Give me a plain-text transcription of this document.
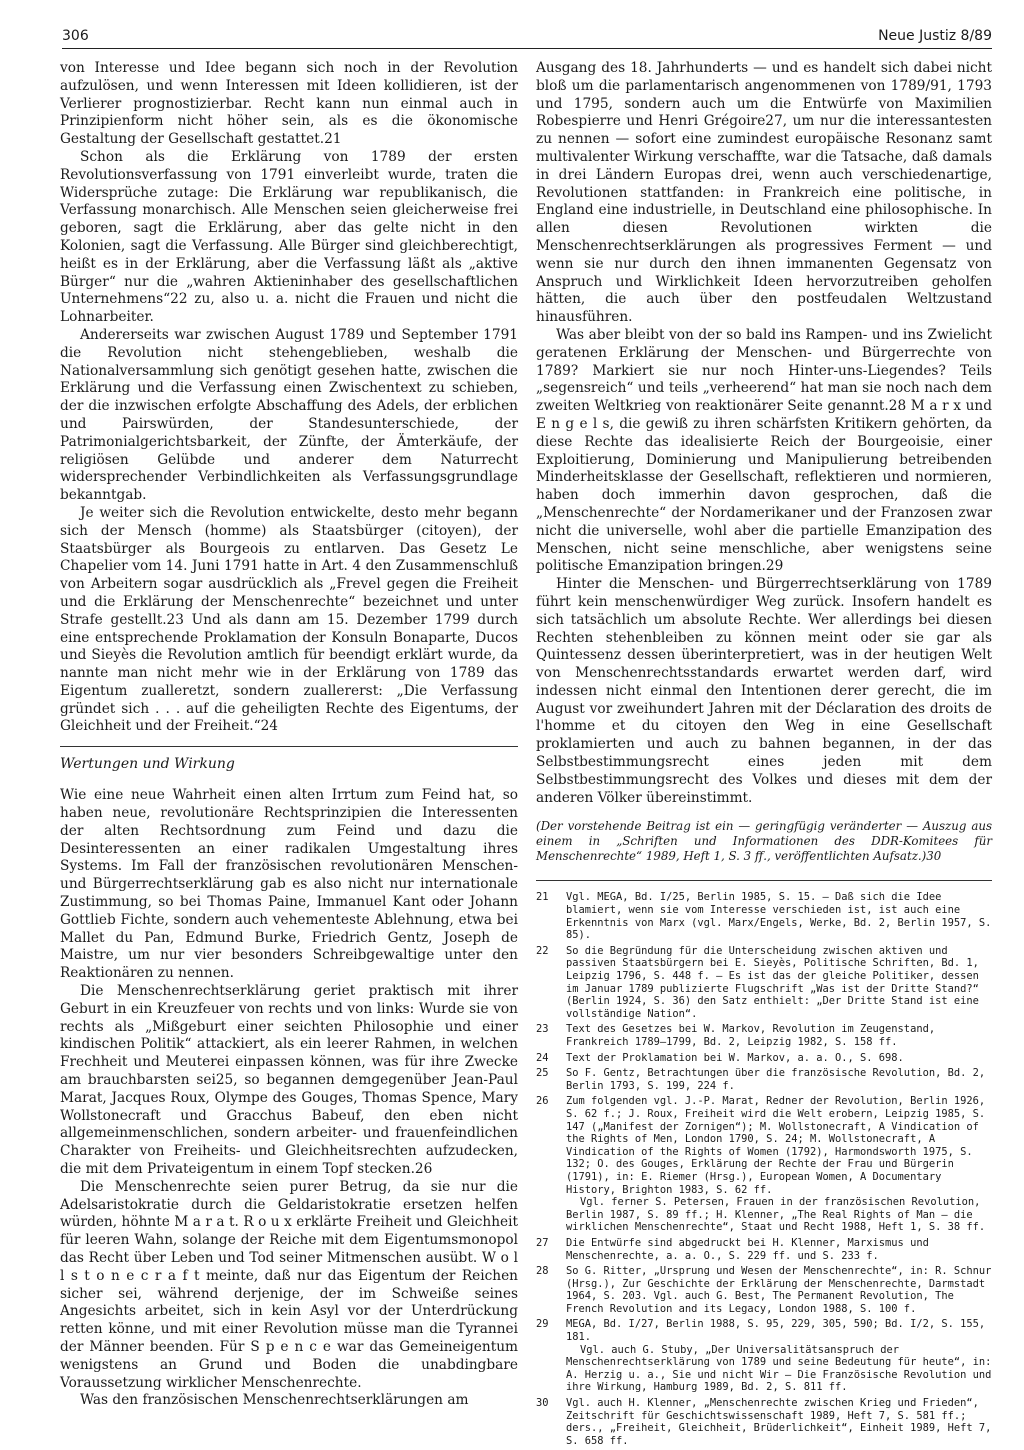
306	Neue Justiz 8/89

von Interesse und Idee begann sich noch in der Revolution aufzulösen, und wenn Interessen mit Ideen kollidieren, ist der Verlierer prognostizierbar. Recht kann nun einmal auch in Prinzipienform nicht höher sein, als es die ökonomische Gestaltung der Gesellschaft gestattet.21

Schon als die Erklärung von 1789 der ersten Revolutionsverfassung von 1791 einverleibt wurde, traten die Widersprüche zutage: Die Erklärung war republikanisch, die Verfassung monarchisch. Alle Menschen seien gleicherweise frei geboren, sagt die Erklärung, aber das gelte nicht in den Kolonien, sagt die Verfassung. Alle Bürger sind gleichberechtigt, heißt es in der Erklärung, aber die Verfassung läßt als „aktive Bürger“ nur die „wahren Aktieninhaber des gesellschaftlichen Unternehmens“22 zu, also u. a. nicht die Frauen und nicht die Lohnarbeiter.

Andererseits war zwischen August 1789 und September 1791 die Revolution nicht stehengeblieben, weshalb die Nationalversammlung sich genötigt gesehen hatte, zwischen die Erklärung und die Verfassung einen Zwischentext zu schieben, der die inzwischen erfolgte Abschaffung des Adels, der erblichen und Pairswürden, der Standesunterschiede, der Patrimonialgerichtsbarkeit, der Zünfte, der Ämterkäufe, der religiösen Gelübde und anderer dem Naturrecht widersprechender Verbindlichkeiten als Verfassungsgrundlage bekanntgab.

Je weiter sich die Revolution entwickelte, desto mehr begann sich der Mensch (homme) als Staatsbürger (citoyen), der Staatsbürger als Bourgeois zu entlarven. Das Gesetz Le Chapelier vom 14. Juni 1791 hatte in Art. 4 den Zusammenschluß von Arbeitern sogar ausdrücklich als „Frevel gegen die Freiheit und die Erklärung der Menschenrechte“ bezeichnet und unter Strafe gestellt.23 Und als dann am 15. Dezember 1799 durch eine entsprechende Proklamation der Konsuln Bonaparte, Ducos und Sieyès die Revolution amtlich für beendigt erklärt wurde, da nannte man nicht mehr wie in der Erklärung von 1789 das Eigentum zualleretzt, sondern zuallererst: „Die Verfassung gründet sich . . . auf die geheiligten Rechte des Eigentums, der Gleichheit und der Freiheit.“24

Wertungen und Wirkung

Wie eine neue Wahrheit einen alten Irrtum zum Feind hat, so haben neue, revolutionäre Rechtsprinzipien die Interessenten der alten Rechtsordnung zum Feind und dazu die Desinteressenten an einer radikalen Umgestaltung ihres Systems. Im Fall der französischen revolutionären Menschen- und Bürgerrechtserklärung gab es also nicht nur internationale Zustimmung, so bei Thomas Paine, Immanuel Kant oder Johann Gottlieb Fichte, sondern auch vehementeste Ablehnung, etwa bei Mallet du Pan, Edmund Burke, Friedrich Gentz, Joseph de Maistre, um nur vier besonders Schreibgewaltige unter den Reaktionären zu nennen.

Die Menschenrechtserklärung geriet praktisch mit ihrer Geburt in ein Kreuzfeuer von rechts und von links: Wurde sie von rechts als „Mißgeburt einer seichten Philosophie und einer kindischen Politik“ attackiert, als ein leerer Rahmen, in welchen Frechheit und Meuterei einpassen können, was für ihre Zwecke am brauchbarsten sei25, so begannen demgegenüber Jean-Paul Marat, Jacques Roux, Olympe des Gouges, Thomas Spence, Mary Wollstonecraft und Gracchus Babeuf, den eben nicht allgemeinmenschlichen, sondern arbeiter- und frauenfeindlichen Charakter von Freiheits- und Gleichheitsrechten aufzudecken, die mit dem Privateigentum in einem Topf stecken.26

Die Menschenrechte seien purer Betrug, da sie nur die Adelsaristokratie durch die Geldaristokratie ersetzen helfen würden, höhnte M a r a t. R o u x erklärte Freiheit und Gleichheit für leeren Wahn, solange der Reiche mit dem Eigentumsmonopol das Recht über Leben und Tod seiner Mitmenschen ausübt. W o l l s t o n e c r a f t meinte, daß nur das Eigentum der Reichen sicher sei, während derjenige, der im Schweiße seines Angesichts arbeitet, sich in kein Asyl vor der Unterdrückung retten könne, und mit einer Revolution müsse man die Tyrannei der Männer beenden. Für S p e n c e war das Gemeineigentum wenigstens an Grund und Boden die unabdingbare Voraussetzung wirklicher Menschenrechte.

Was den französischen Menschenrechtserklärungen am

Ausgang des 18. Jahrhunderts — und es handelt sich dabei nicht bloß um die parlamentarisch angenommenen von 1789/91, 1793 und 1795, sondern auch um die Entwürfe von Maximilien Robespierre und Henri Grégoire27, um nur die interessantesten zu nennen — sofort eine zumindest europäische Resonanz samt multivalenter Wirkung verschaffte, war die Tatsache, daß damals in drei Ländern Europas drei, wenn auch verschiedenartige, Revolutionen stattfanden: in Frankreich eine politische, in England eine industrielle, in Deutschland eine philosophische. In allen diesen Revolutionen wirkten die Menschenrechtserklärungen als progressives Ferment — und wenn sie nur durch den ihnen immanenten Gegensatz von Anspruch und Wirklichkeit Ideen hervorzutreiben geholfen hätten, die auch über den postfeudalen Weltzustand hinausführen.

Was aber bleibt von der so bald ins Rampen- und ins Zwielicht geratenen Erklärung der Menschen- und Bürgerrechte von 1789? Markiert sie nur noch Hinter-uns-Liegendes? Teils „segensreich“ und teils „verheerend“ hat man sie noch nach dem zweiten Weltkrieg von reaktionärer Seite genannt.28 M a r x und E n g e l s, die gewiß zu ihren schärfsten Kritikern gehörten, da diese Rechte das idealisierte Reich der Bourgeoisie, einer Exploitierung, Dominierung und Manipulierung betreibenden Minderheitsklasse der Gesellschaft, reflektieren und normieren, haben doch immerhin davon gesprochen, daß die „Menschenrechte“ der Nordamerikaner und der Franzosen zwar nicht die universelle, wohl aber die partielle Emanzipation des Menschen, nicht seine menschliche, aber wenigstens seine politische Emanzipation bringen.29

Hinter die Menschen- und Bürgerrechtserklärung von 1789 führt kein menschenwürdiger Weg zurück. Insofern handelt es sich tatsächlich um absolute Rechte. Wer allerdings bei diesen Rechten stehenbleiben zu können meint oder sie gar als Quintessenz dessen überinterpretiert, was in der heutigen Welt von Menschenrechtsstandards erwartet werden darf, wird indessen nicht einmal den Intentionen derer gerecht, die im August vor zweihundert Jahren mit der Déclaration des droits de l'homme et du citoyen den Weg in eine Gesellschaft proklamierten und auch zu bahnen begannen, in der das Selbstbestimmungsrecht eines jeden mit dem Selbstbestimmungsrecht des Volkes und dieses mit dem der anderen Völker übereinstimmt.

(Der vorstehende Beitrag ist ein — geringfügig veränderter — Auszug aus einem in „Schriften und Informationen des DDR-Komitees für Menschenrechte“ 1989, Heft 1, S. 3 ff., veröffentlichten Aufsatz.)30

21	Vgl. MEGA, Bd. I/25, Berlin 1985, S. 15. — Daß sich die Idee blamiert, wenn sie vom Interesse verschieden ist, ist auch eine Erkenntnis von Marx (vgl. Marx/Engels, Werke, Bd. 2, Berlin 1957, S. 85).
22	So die Begründung für die Unterscheidung zwischen aktiven und passiven Staatsbürgern bei E. Sieyès, Politische Schriften, Bd. 1, Leipzig 1796, S. 448 f. — Es ist das der gleiche Politiker, dessen im Januar 1789 publizierte Flugschrift „Was ist der Dritte Stand?“ (Berlin 1924, S. 36) den Satz enthielt: „Der Dritte Stand ist eine vollständige Nation“.
23	Text des Gesetzes bei W. Markov, Revolution im Zeugenstand, Frankreich 1789—1799, Bd. 2, Leipzig 1982, S. 158 ff.
24	Text der Proklamation bei W. Markov, a. a. O., S. 698.
25	So F. Gentz, Betrachtungen über die französische Revolution, Bd. 2, Berlin 1793, S. 199, 224 f.
26	Zum folgenden vgl. J.-P. Marat, Redner der Revolution, Berlin 1926, S. 62 f.; J. Roux, Freiheit wird die Welt erobern, Leipzig 1985, S. 147 („Manifest der Zornigen“); M. Wollstonecraft, A Vindication of the Rights of Men, London 1790, S. 24; M. Wollstonecraft, A Vindication of the Rights of Women (1792), Harmondsworth 1975, S. 132; O. des Gouges, Erklärung der Rechte der Frau und Bürgerin (1791), in: E. Riemer (Hrsg.), European Women, A Documentary History, Brighton 1983, S. 62 ff.
Vgl. ferner S. Petersen, Frauen in der französischen Revolution, Berlin 1987, S. 89 ff.; H. Klenner, „The Real Rights of Man — die wirklichen Menschenrechte“, Staat und Recht 1988, Heft 1, S. 38 ff.
27	Die Entwürfe sind abgedruckt bei H. Klenner, Marxismus und Menschenrechte, a. a. O., S. 229 ff. und S. 233 f.
28	So G. Ritter, „Ursprung und Wesen der Menschenrechte“, in: R. Schnur (Hrsg.), Zur Geschichte der Erklärung der Menschenrechte, Darmstadt 1964, S. 203. Vgl. auch G. Best, The Permanent Revolution, The French Revolution and its Legacy, London 1988, S. 100 f.
29	MEGA, Bd. I/27, Berlin 1988, S. 95, 229, 305, 590; Bd. I/2, S. 155, 181.
Vgl. auch G. Stuby, „Der Universalitätsanspruch der Menschenrechtserklärung von 1789 und seine Bedeutung für heute“, in: A. Herzig u. a., Sie und nicht Wir — Die Französische Revolution und ihre Wirkung, Hamburg 1989, Bd. 2, S. 811 ff.
30	Vgl. auch H. Klenner, „Menschenrechte zwischen Krieg und Frieden“, Zeitschrift für Geschichtswissenschaft 1989, Heft 7, S. 581 ff.; ders., „Freiheit, Gleichheit, Brüderlichkeit“, Einheit 1989, Heft 7, S. 658 ff.
